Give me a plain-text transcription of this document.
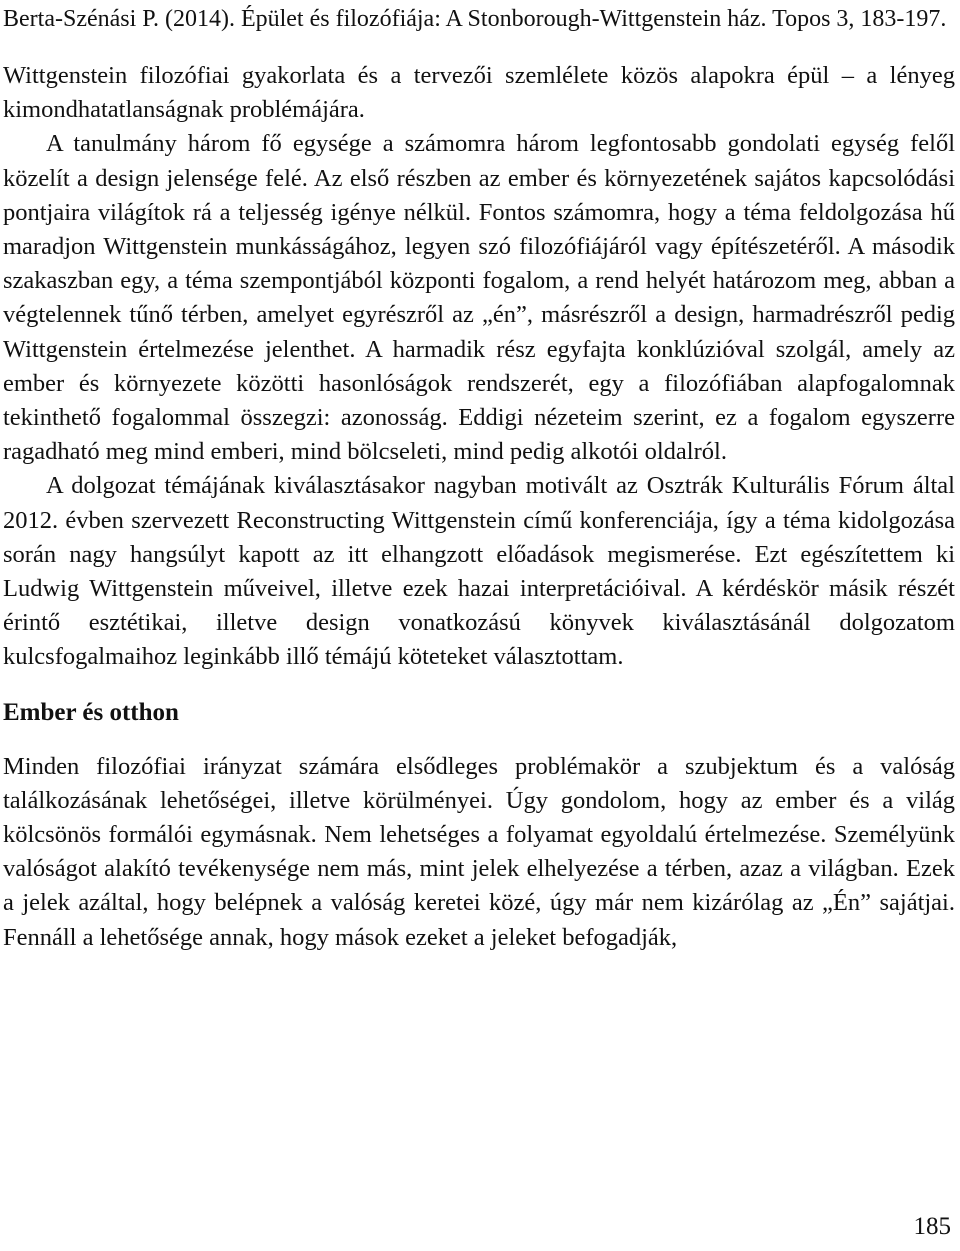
Berta-Szénási P. (2014). Épület és filozófiája: A Stonborough-Wittgenstein ház. Topos 3, 183-197.

Wittgenstein filozófiai gyakorlata és a tervezői szemlélete közös alapokra épül – a lényeg kimondhatatlanságnak problémájára.

A tanulmány három fő egysége a számomra három legfontosabb gondolati egység felől közelít a design jelensége felé. Az első részben az ember és környezetének sajátos kapcsolódási pontjaira világítok rá a teljesség igénye nélkül. Fontos számomra, hogy a téma feldolgozása hű maradjon Wittgenstein munkásságához, legyen szó filozófiájáról vagy építészetéről. A második szakaszban egy, a téma szempontjából központi fogalom, a rend helyét határozom meg, abban a végtelennek tűnő térben, amelyet egyrészről az „én”, másrészről a design, harmadrészről pedig Wittgenstein értelmezése jelenthet. A harmadik rész egyfajta konklúzióval szolgál, amely az ember és környezete közötti hasonlóságok rendszerét, egy a filozófiában alapfogalomnak tekinthető fogalommal összegzi: azonosság. Eddigi nézeteim szerint, ez a fogalom egyszerre ragadható meg mind emberi, mind bölcseleti, mind pedig alkotói oldalról.

A dolgozat témájának kiválasztásakor nagyban motivált az Osztrák Kulturális Fórum által 2012. évben szervezett Reconstructing Wittgenstein című konferenciája, így a téma kidolgozása során nagy hangsúlyt kapott az itt elhangzott előadások megismerése. Ezt egészítettem ki Ludwig Wittgenstein műveivel, illetve ezek hazai interpretációival. A kérdéskör másik részét érintő esztétikai, illetve design vonatkozású könyvek kiválasztásánál dolgozatom kulcsfogalmaihoz leginkább illő témájú köteteket választottam.

Ember és otthon

Minden filozófiai irányzat számára elsődleges problémakör a szubjektum és a valóság találkozásának lehetőségei, illetve körülményei. Úgy gondolom, hogy az ember és a világ kölcsönös formálói egymásnak. Nem lehetséges a folyamat egyoldalú értelmezése. Személyünk valóságot alakító tevékenysége nem más, mint jelek elhelyezése a térben, azaz a világban. Ezek a jelek azáltal, hogy belépnek a valóság keretei közé, úgy már nem kizárólag az „Én” sajátjai. Fennáll a lehetősége annak, hogy mások ezeket a jeleket befogadják,

185
